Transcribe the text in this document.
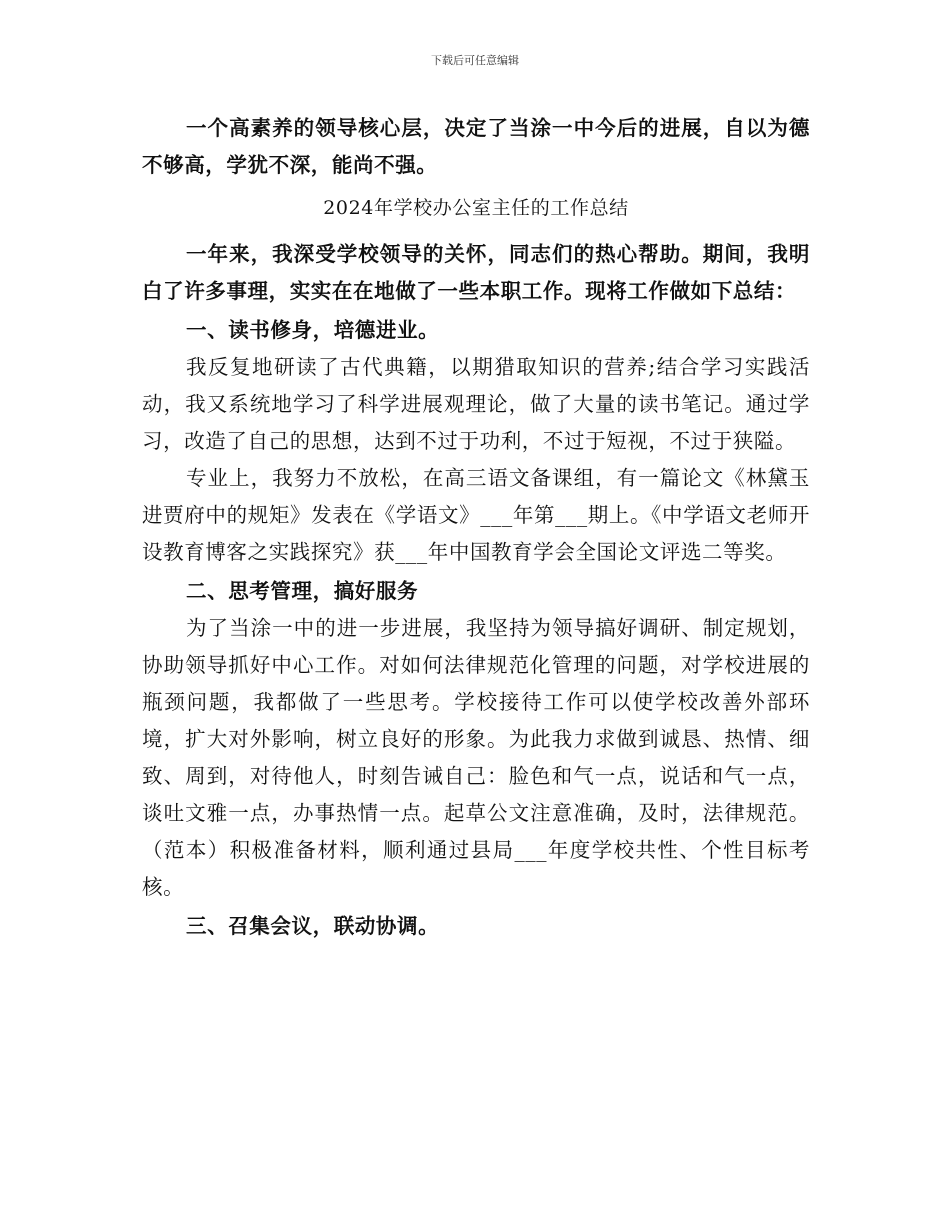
下载后可任意编辑

一个高素养的领导核心层，决定了当涂一中今后的进展，自以为德不够高，学犹不深，能尚不强。

2024年学校办公室主任的工作总结

一年来，我深受学校领导的关怀，同志们的热心帮助。期间，我明白了许多事理，实实在在地做了一些本职工作。现将工作做如下总结：

一、读书修身，培德进业。

我反复地研读了古代典籍，以期猎取知识的营养;结合学习实践活动，我又系统地学习了科学进展观理论，做了大量的读书笔记。通过学习，改造了自己的思想，达到不过于功利，不过于短视，不过于狭隘。

专业上，我努力不放松，在高三语文备课组，有一篇论文《林黛玉进贾府中的规矩》发表在《学语文》___年第___期上。《中学语文老师开设教育博客之实践探究》获___年中国教育学会全国论文评选二等奖。

二、思考管理，搞好服务

为了当涂一中的进一步进展，我坚持为领导搞好调研、制定规划，协助领导抓好中心工作。对如何法律规范化管理的问题，对学校进展的瓶颈问题，我都做了一些思考。学校接待工作可以使学校改善外部环境，扩大对外影响，树立良好的形象。为此我力求做到诚恳、热情、细致、周到，对待他人，时刻告诫自己：脸色和气一点，说话和气一点，谈吐文雅一点，办事热情一点。起草公文注意准确，及时，法律规范。（范本）积极准备材料，顺利通过县局___年度学校共性、个性目标考核。

三、召集会议，联动协调。
